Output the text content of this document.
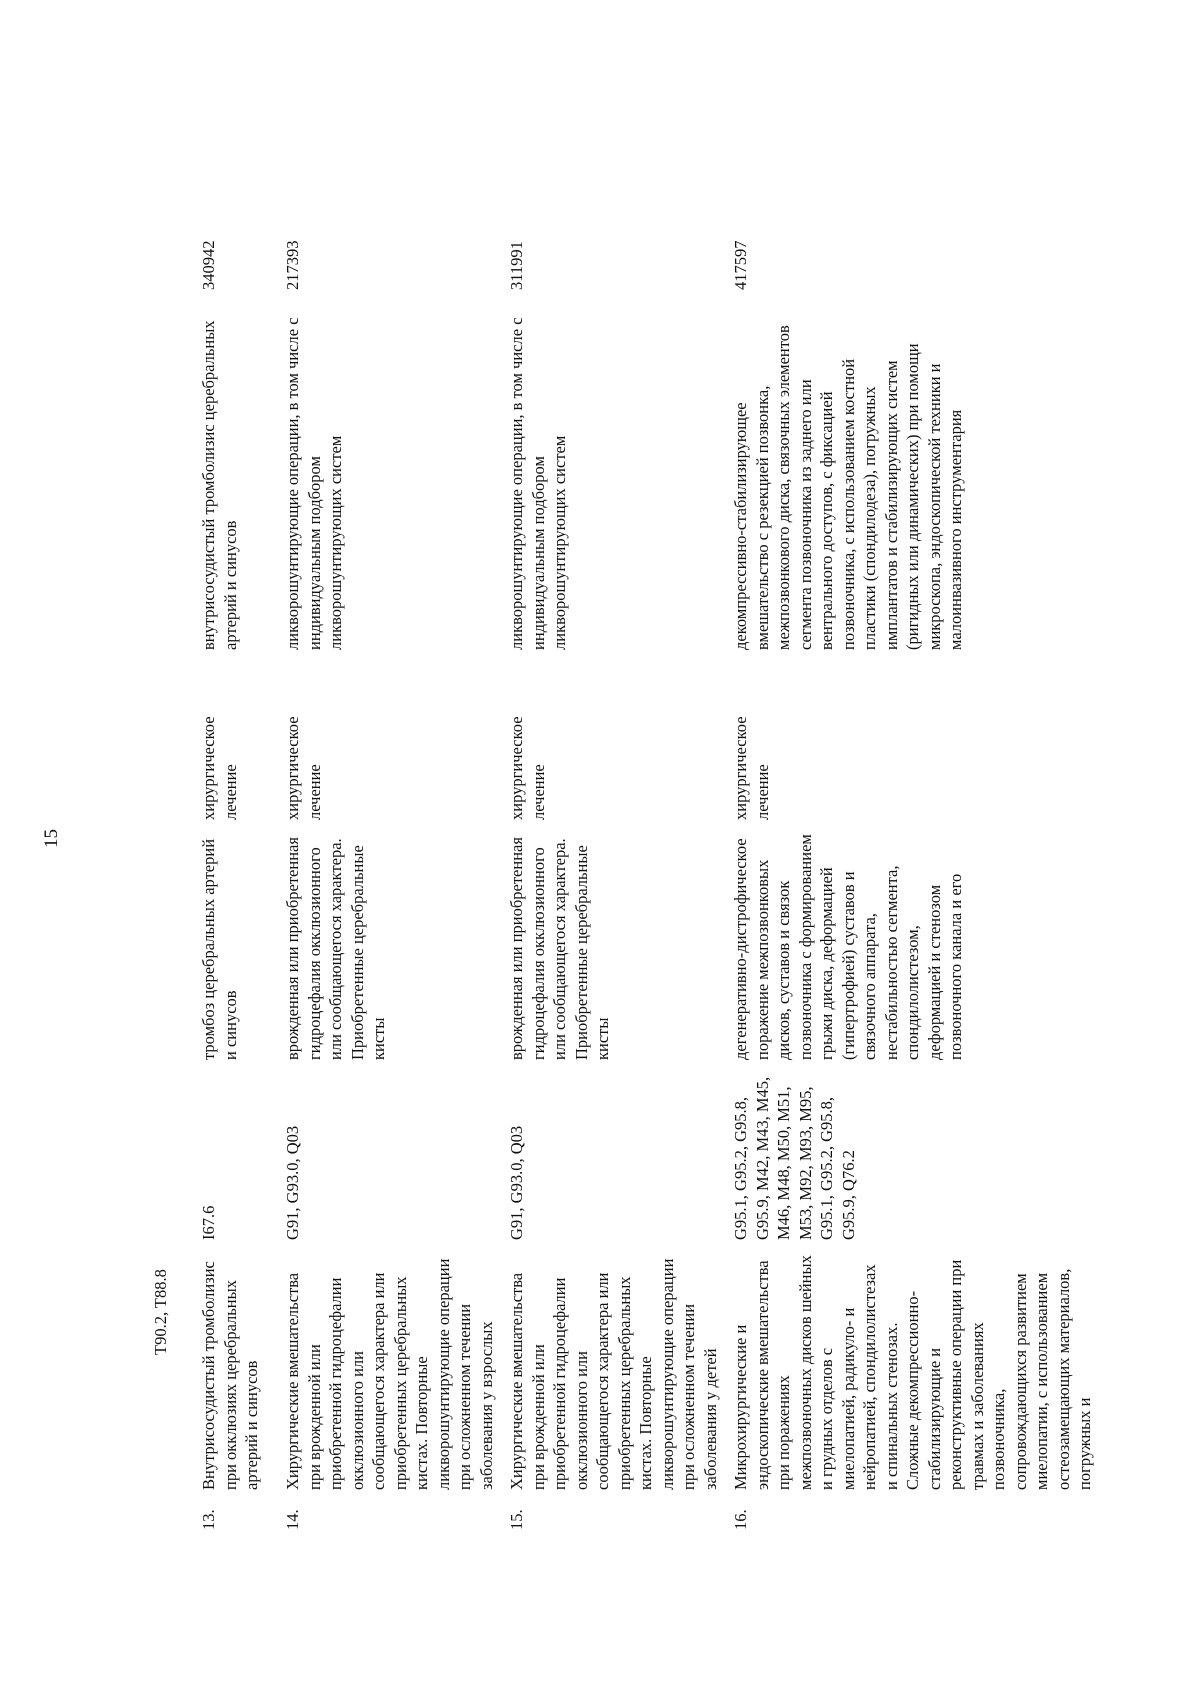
15
T90.2, T88.8
13.
Внутрисосудистый тромболизис при окклюзиях церебральных артерий и синусов
I67.6
тромбоз церебральных артерий и синусов
хирургическое лечение
внутрисосудистый тромболизис церебральных артерий и синусов
340942
14.
Хирургические вмешательства при врожденной или приобретенной гидроцефалии окклюзионного или сообщающегося характера или приобретенных церебральных кистах. Повторные ликворошунтирующие операции при осложненном течении заболевания у взрослых
G91, G93.0, Q03
врожденная или приобретенная гидроцефалия окклюзионного или сообщающегося характера. Приобретенные церебральные кисты
хирургическое лечение
ликворошунтирующие операции, в том числе с индивидуальным подбором ликворошунтирующих систем
217393
15.
Хирургические вмешательства при врожденной или приобретенной гидроцефалии окклюзионного или сообщающегося характера или приобретенных церебральных кистах. Повторные ликворошунтирующие операции при осложненном течении заболевания у детей
G91, G93.0, Q03
врожденная или приобретенная гидроцефалия окклюзионного или сообщающегося характера. Приобретенные церебральные кисты
хирургическое лечение
ликворошунтирующие операции, в том числе с индивидуальным подбором ликворошунтирующих систем
311991
16.
Микрохирургические и эндоскопические вмешательства при поражениях межпозвоночных дисков шейных и грудных отделов с миелопатией, радикуло- и нейропатией, спондилолистезах и спинальных стенозах. Сложные декомпрессионно-стабилизирующие и реконструктивные операции при травмах и заболеваниях позвоночника, сопровождающихся развитием миелопатии, с использованием остеозамещающих материалов, погружных и
G95.1, G95.2, G95.8, G95.9, M42, M43, M45, M46, M48, M50, M51, M53, M92, M93, M95, G95.1, G95.2, G95.8, G95.9, Q76.2
дегенеративно-дистрофическое поражение межпозвонковых дисков, суставов и связок позвоночника с формированием грыжи диска, деформацией (гипертрофией) суставов и связочного аппарата, нестабильностью сегмента, спондилолистезом, деформацией и стенозом позвоночного канала и его
хирургическое лечение
декомпрессивно-стабилизирующее вмешательство с резекцией позвонка, межпозвонкового диска, связочных элементов сегмента позвоночника из заднего или вентрального доступов, с фиксацией позвоночника, с использованием костной пластики (спондилодеза), погружных имплантатов и стабилизирующих систем (ригидных или динамических) при помощи микроскопа, эндоскопической техники и малоинвазивного инструментария
417597
